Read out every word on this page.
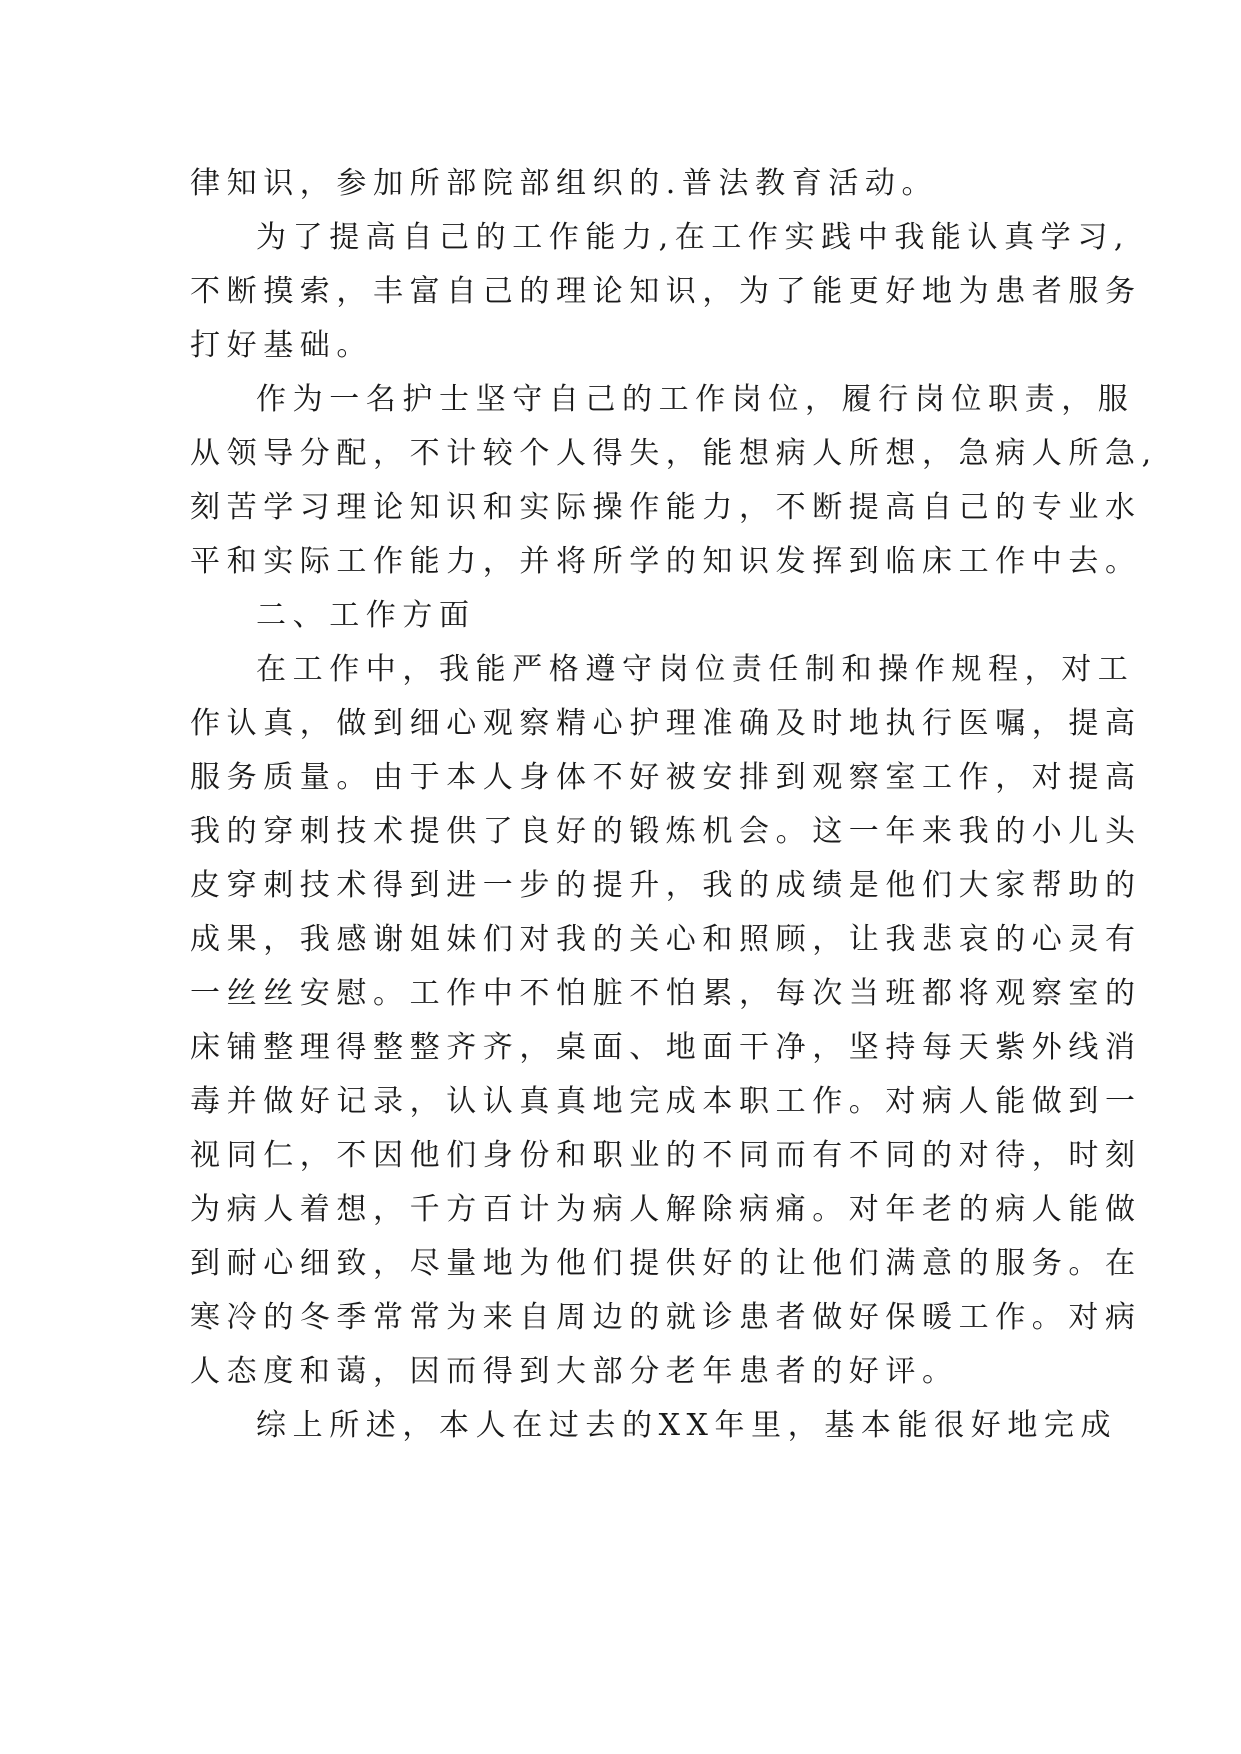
律知识，参加所部院部组织的.普法教育活动。
为了提高自己的工作能力,在工作实践中我能认真学习,
不断摸索，丰富自己的理论知识，为了能更好地为患者服务
打好基础。
作为一名护士坚守自己的工作岗位，履行岗位职责，服
从领导分配，不计较个人得失，能想病人所想，急病人所急,
刻苦学习理论知识和实际操作能力，不断提高自己的专业水
平和实际工作能力，并将所学的知识发挥到临床工作中去。
二、工作方面
在工作中，我能严格遵守岗位责任制和操作规程，对工
作认真，做到细心观察精心护理准确及时地执行医嘱，提高
服务质量。由于本人身体不好被安排到观察室工作，对提高
我的穿刺技术提供了良好的锻炼机会。这一年来我的小儿头
皮穿刺技术得到进一步的提升，我的成绩是他们大家帮助的
成果，我感谢姐妹们对我的关心和照顾，让我悲哀的心灵有
一丝丝安慰。工作中不怕脏不怕累，每次当班都将观察室的
床铺整理得整整齐齐，桌面、地面干净，坚持每天紫外线消
毒并做好记录，认认真真地完成本职工作。对病人能做到一
视同仁，不因他们身份和职业的不同而有不同的对待，时刻
为病人着想，千方百计为病人解除病痛。对年老的病人能做
到耐心细致，尽量地为他们提供好的让他们满意的服务。在
寒冷的冬季常常为来自周边的就诊患者做好保暖工作。对病
人态度和蔼，因而得到大部分老年患者的好评。
综上所述，本人在过去的XX年里，基本能很好地完成
